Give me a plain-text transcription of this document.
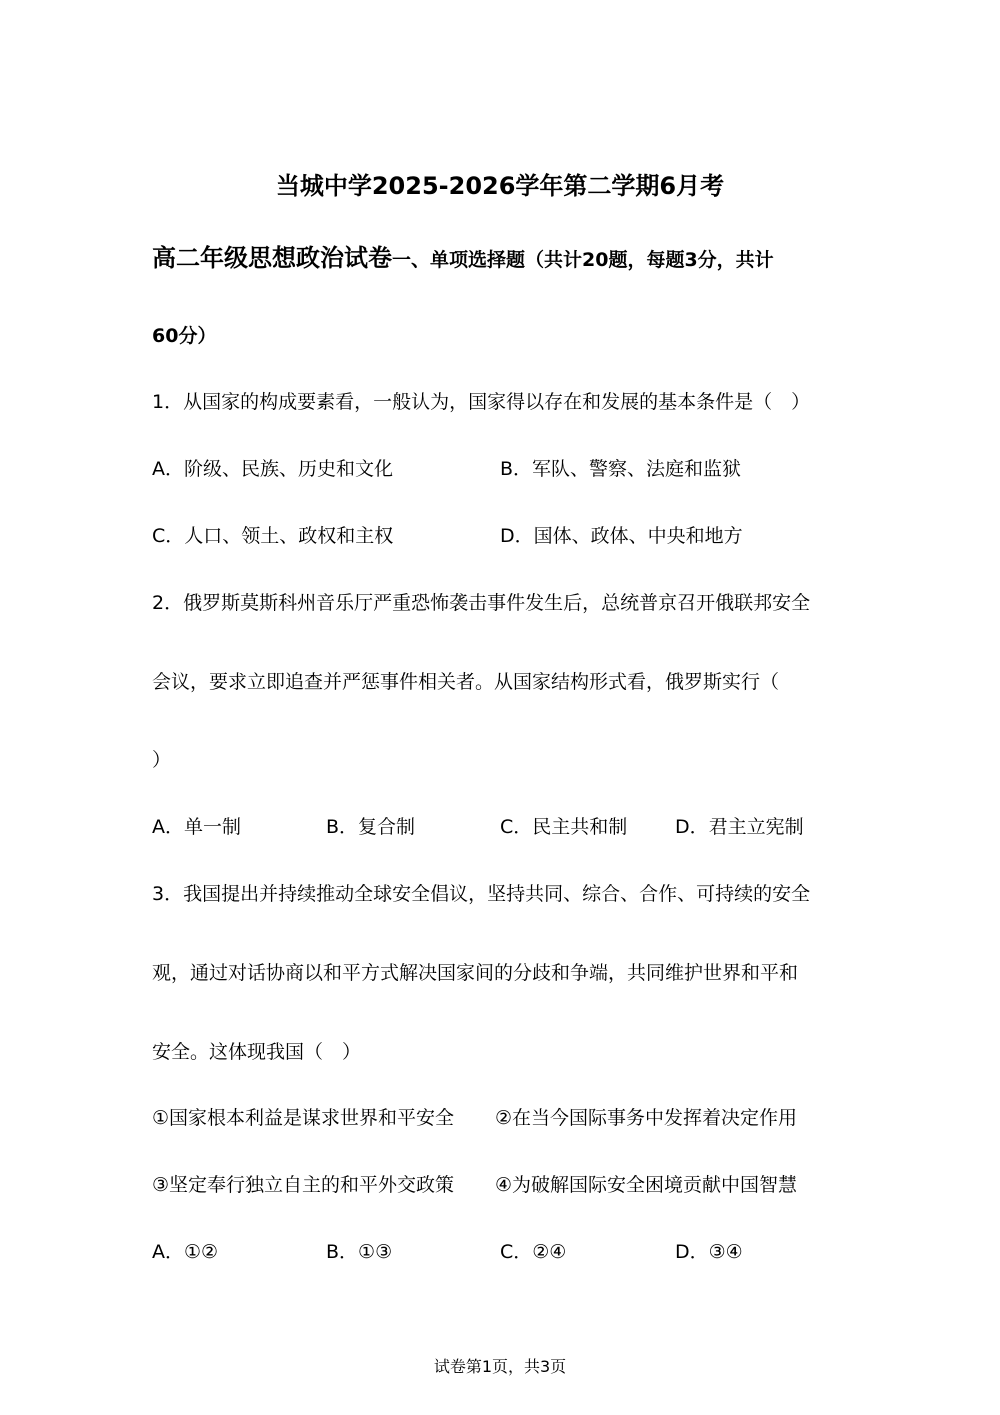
当城中学2025-2026学年第二学期6月考
高二年级思想政治试卷一、单项选择题（共计20题，每题3分，共计
60分）
1．从国家的构成要素看，一般认为，国家得以存在和发展的基本条件是（　）
A．阶级、民族、历史和文化	B．军队、警察、法庭和监狱
C．人口、领土、政权和主权	D．国体、政体、中央和地方
2．俄罗斯莫斯科州音乐厅严重恐怖袭击事件发生后，总统普京召开俄联邦安全
会议，要求立即追查并严惩事件相关者。从国家结构形式看，俄罗斯实行（
）
A．单一制	B．复合制	C．民主共和制	D．君主立宪制
3．我国提出并持续推动全球安全倡议，坚持共同、综合、合作、可持续的安全
观，通过对话协商以和平方式解决国家间的分歧和争端，共同维护世界和平和
安全。这体现我国（　）
①国家根本利益是谋求世界和平安全 ②在当今国际事务中发挥着决定作用
③坚定奉行独立自主的和平外交政策 ④为破解国际安全困境贡献中国智慧
A．①②	B．①③	C．②④	D．③④
试卷第1页，共3页
